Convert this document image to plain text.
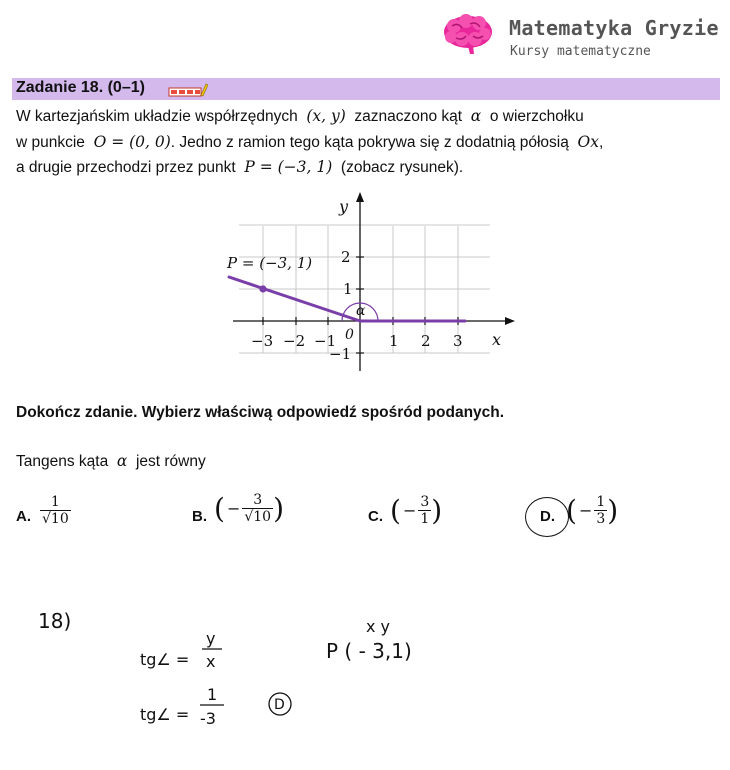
Matematyka Gryzie
Kursy matematyczne
Zadanie 18. (0–1)
W kartezjańskim układzie współrzędnych (x, y) zaznaczono kąt α o wierzchołku
w punkcie O = (0, 0). Jedno z ramion tego kąta pokrywa się z dodatnią półosią Ox,
a drugie przechodzi przez punkt P = (−3, 1) (zobacz rysunek).
P = (−3, 1)
y
x
0
α
−3 −2 −1	1 2 3
2
1
−1
Dokończ zdanie. Wybierz właściwą odpowiedź spośród podanych.
Tangens kąta α jest równy
A. $\frac{1}{√10}$	B. ( − $\frac{3}{√10}$ )	C. ( − $\frac{3}{1}$ )	D. ( − $\frac{1}{3}$ )
18)
tg∠ =
y
x
x y
P ( - 3,1)
tg∠ =
1
-3
D
